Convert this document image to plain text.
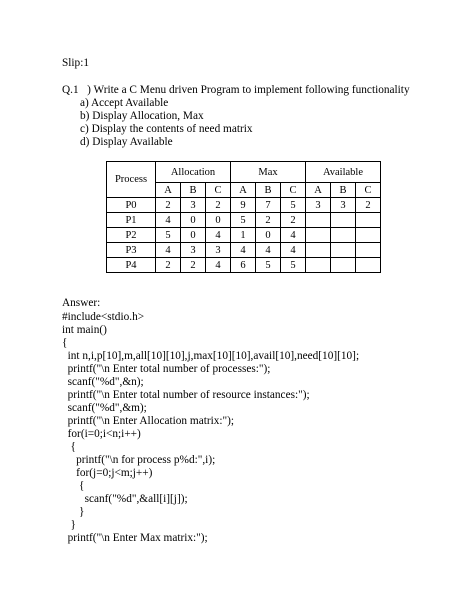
Slip:1
Q.1   ) Write a C Menu driven Program to implement following functionality
a) Accept Available
b) Display Allocation, Max
c) Display the contents of need matrix
d) Display Available
Process	Allocation			Max			Available		
	A	B	C	A	B	C	A	B	C
P0	2	3	2	9	7	5	3	3	2
P1	4	0	0	5	2	2			
P2	5	0	4	1	0	4			
P3	4	3	3	4	4	4			
P4	2	2	4	6	5	5			
Answer:
#include<stdio.h>
int main()
{
int n,i,p[10],m,all[10][10],j,max[10][10],avail[10],need[10][10];
printf("\n Enter total number of processes:");
scanf("%d",&n);
printf("\n Enter total number of resource instances:");
scanf("%d",&m);
printf("\n Enter Allocation matrix:");
for(i=0;i<n;i++)
{
printf("\n for process p%d:",i);
for(j=0;j<m;j++)
{
scanf("%d",&all[i][j]);
}
}
printf("\n Enter Max matrix:");
